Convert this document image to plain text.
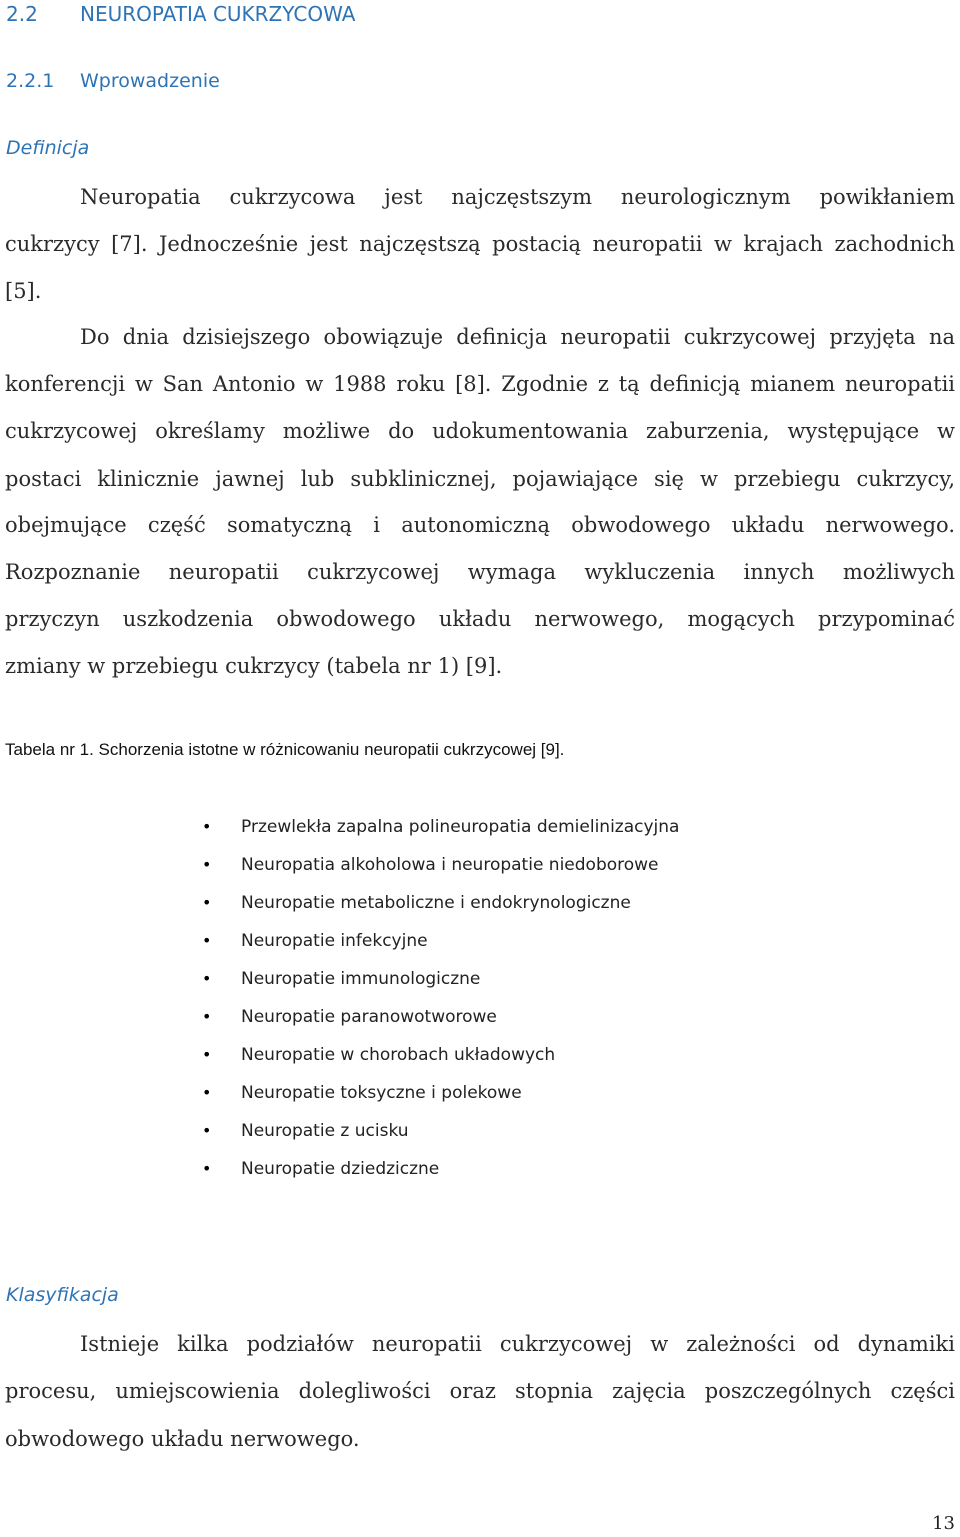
2.2 NEUROPATIA CUKRZYCOWA
2.2.1 Wprowadzenie
Definicja
Neuropatia cukrzycowa jest najczęstszym neurologicznym powikłaniem
cukrzycy [7]. Jednocześnie jest najczęstszą postacią neuropatii w krajach zachodnich
[5].
Do dnia dzisiejszego obowiązuje definicja neuropatii cukrzycowej przyjęta na
konferencji w San Antonio w 1988 roku [8]. Zgodnie z tą definicją mianem neuropatii
cukrzycowej określamy możliwe do udokumentowania zaburzenia, występujące w
postaci klinicznie jawnej lub subklinicznej, pojawiające się w przebiegu cukrzycy,
obejmujące część somatyczną i autonomiczną obwodowego układu nerwowego.
Rozpoznanie neuropatii cukrzycowej wymaga wykluczenia innych możliwych
przyczyn uszkodzenia obwodowego układu nerwowego, mogących przypominać
zmiany w przebiegu cukrzycy (tabela nr 1) [9].
Tabela nr 1. Schorzenia istotne w różnicowaniu neuropatii cukrzycowej [9].
• Przewlekła zapalna polineuropatia demielinizacyjna
• Neuropatia alkoholowa i neuropatie niedoborowe
• Neuropatie metaboliczne i endokrynologiczne
• Neuropatie infekcyjne
• Neuropatie immunologiczne
• Neuropatie paranowotworowe
• Neuropatie w chorobach układowych
• Neuropatie toksyczne i polekowe
• Neuropatie z ucisku
• Neuropatie dziedziczne
Klasyfikacja
Istnieje kilka podziałów neuropatii cukrzycowej w zależności od dynamiki
procesu, umiejscowienia dolegliwości oraz stopnia zajęcia poszczególnych części
obwodowego układu nerwowego.
13
